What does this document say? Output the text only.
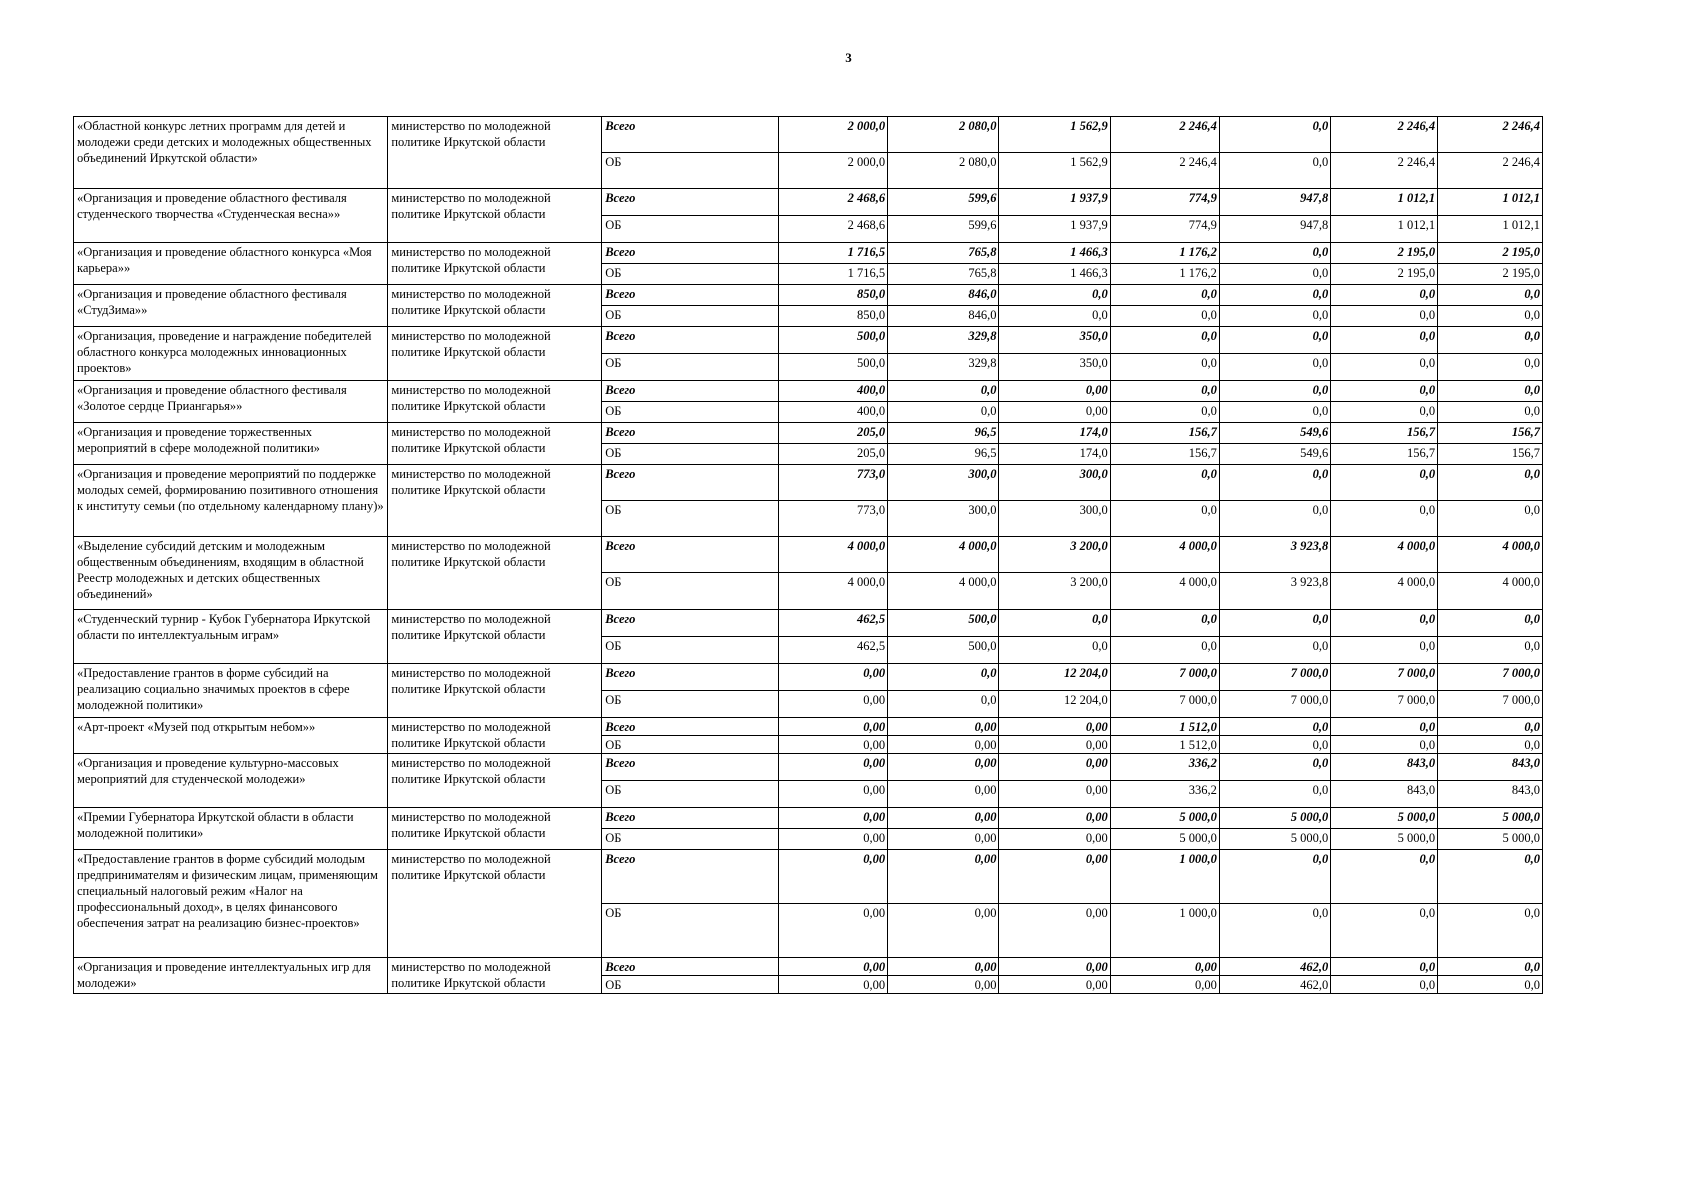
3
«Областной конкурс летних программ для детей и молодежи среди детских и молодежных общественных объединений Иркутской области»	министерство по молодежной политике Иркутской области	Всего	2 000,0	2 080,0	1 562,9	2 246,4	0,0	2 246,4	2 246,4
		ОБ	2 000,0	2 080,0	1 562,9	2 246,4	0,0	2 246,4	2 246,4
«Организация и проведение областного фестиваля студенческого творчества «Студенческая весна»»	министерство по молодежной политике Иркутской области	Всего	2 468,6	599,6	1 937,9	774,9	947,8	1 012,1	1 012,1
		ОБ	2 468,6	599,6	1 937,9	774,9	947,8	1 012,1	1 012,1
«Организация и проведение областного конкурса «Моя карьера»»	министерство по молодежной политике Иркутской области	Всего	1 716,5	765,8	1 466,3	1 176,2	0,0	2 195,0	2 195,0
		ОБ	1 716,5	765,8	1 466,3	1 176,2	0,0	2 195,0	2 195,0
«Организация и проведение областного фестиваля «СтудЗима»»	министерство по молодежной политике Иркутской области	Всего	850,0	846,0	0,0	0,0	0,0	0,0	0,0
		ОБ	850,0	846,0	0,0	0,0	0,0	0,0	0,0
«Организация, проведение и награждение победителей областного конкурса молодежных инновационных проектов»	министерство по молодежной политике Иркутской области	Всего	500,0	329,8	350,0	0,0	0,0	0,0	0,0
		ОБ	500,0	329,8	350,0	0,0	0,0	0,0	0,0
«Организация и проведение областного фестиваля «Золотое сердце Приангарья»»	министерство по молодежной политике Иркутской области	Всего	400,0	0,0	0,00	0,0	0,0	0,0	0,0
		ОБ	400,0	0,0	0,00	0,0	0,0	0,0	0,0
«Организация и проведение торжественных мероприятий в сфере молодежной политики»	министерство по молодежной политике Иркутской области	Всего	205,0	96,5	174,0	156,7	549,6	156,7	156,7
		ОБ	205,0	96,5	174,0	156,7	549,6	156,7	156,7
«Организация и проведение мероприятий по поддержке молодых семей, формированию позитивного отношения к институту семьи (по отдельному календарному плану)»	министерство по молодежной политике Иркутской области	Всего	773,0	300,0	300,0	0,0	0,0	0,0	0,0
		ОБ	773,0	300,0	300,0	0,0	0,0	0,0	0,0
«Выделение субсидий детским и молодежным общественным объединениям, входящим в областной Реестр молодежных и детских общественных объединений»	министерство по молодежной политике Иркутской области	Всего	4 000,0	4 000,0	3 200,0	4 000,0	3 923,8	4 000,0	4 000,0
		ОБ	4 000,0	4 000,0	3 200,0	4 000,0	3 923,8	4 000,0	4 000,0
«Студенческий турнир - Кубок Губернатора Иркутской области по интеллектуальным играм»	министерство по молодежной политике Иркутской области	Всего	462,5	500,0	0,0	0,0	0,0	0,0	0,0
		ОБ	462,5	500,0	0,0	0,0	0,0	0,0	0,0
«Предоставление грантов в форме субсидий на реализацию социально значимых проектов в сфере молодежной политики»	министерство по молодежной политике Иркутской области	Всего	0,00	0,0	12 204,0	7 000,0	7 000,0	7 000,0	7 000,0
		ОБ	0,00	0,0	12 204,0	7 000,0	7 000,0	7 000,0	7 000,0
«Арт-проект «Музей под открытым небом»»	министерство по молодежной политике Иркутской области	Всего	0,00	0,00	0,00	1 512,0	0,0	0,0	0,0
		ОБ	0,00	0,00	0,00	1 512,0	0,0	0,0	0,0
«Организация и проведение культурно-массовых мероприятий для студенческой молодежи»	министерство по молодежной политике Иркутской области	Всего	0,00	0,00	0,00	336,2	0,0	843,0	843,0
		ОБ	0,00	0,00	0,00	336,2	0,0	843,0	843,0
«Премии Губернатора Иркутской области в области молодежной политики»	министерство по молодежной политике Иркутской области	Всего	0,00	0,00	0,00	5 000,0	5 000,0	5 000,0	5 000,0
		ОБ	0,00	0,00	0,00	5 000,0	5 000,0	5 000,0	5 000,0
«Предоставление грантов в форме субсидий молодым предпринимателям и физическим лицам, применяющим специальный налоговый режим «Налог на профессиональный доход», в целях финансового обеспечения затрат на реализацию бизнес-проектов»	министерство по молодежной политике Иркутской области	Всего	0,00	0,00	0,00	1 000,0	0,0	0,0	0,0
		ОБ	0,00	0,00	0,00	1 000,0	0,0	0,0	0,0
«Организация и проведение интеллектуальных игр для молодежи»	министерство по молодежной политике Иркутской области	Всего	0,00	0,00	0,00	0,00	462,0	0,0	0,0
		ОБ	0,00	0,00	0,00	0,00	462,0	0,0	0,0
